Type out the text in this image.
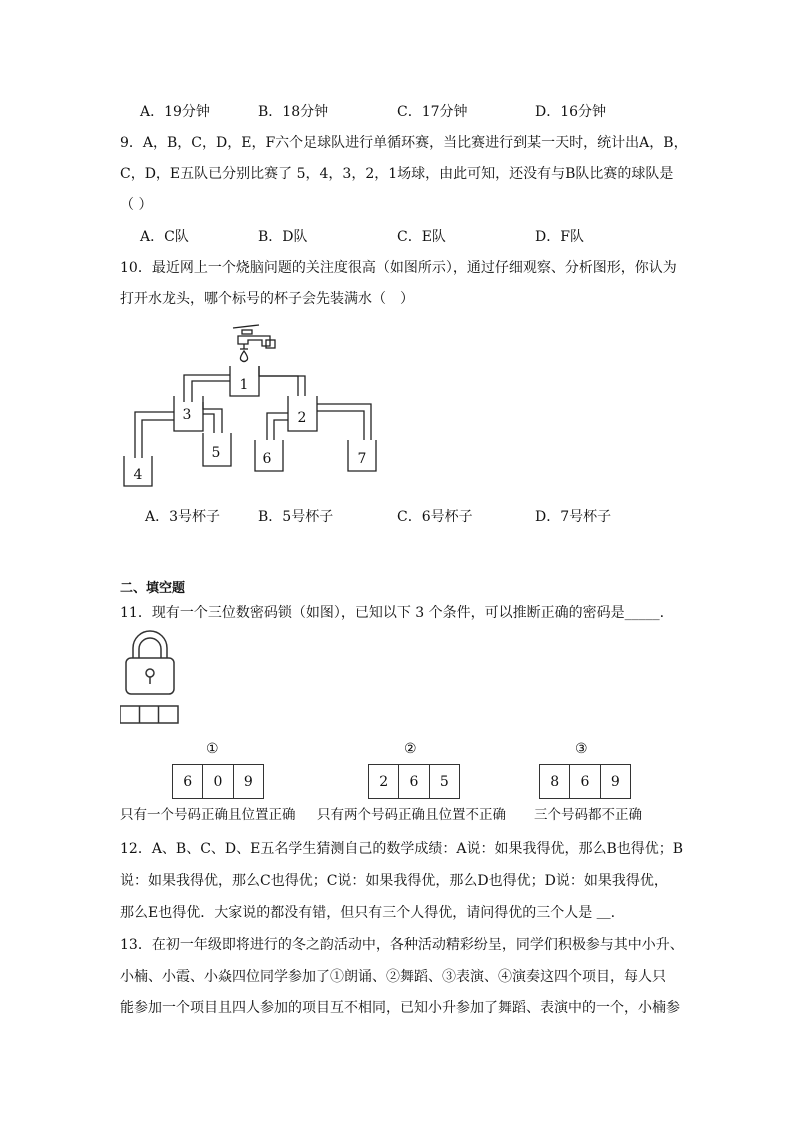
A．19分钟	B．18分钟	C．17分钟	D．16分钟
9．A，B，C，D，E，F六个足球队进行单循环赛，当比赛进行到某一天时，统计出A，B，
C，D，E五队已分别比赛了 5，4，3，2，1场球，由此可知，还没有与B队比赛的球队是
（ ）
A．C队	B．D队	C．E队	D．F队
10．最近网上一个烧脑问题的关注度很高（如图所示），通过仔细观察、分析图形，你认为
打开水龙头，哪个标号的杯子会先装满水（　）
1
2
3
4
5	6	7
A．3号杯子	B．5号杯子	C．6号杯子	D．7号杯子
二、填空题
11．现有一个三位数密码锁（如图），已知以下 3 个条件，可以推断正确的密码是_____.
①
6	0	9
②
2	6	5
③
8	6	9
只有一个号码正确且位置正确 只有两个号码正确且位置不正确 三个号码都不正确
12．A、B、C、D、E五名学生猜测自己的数学成绩：A说：如果我得优，那么B也得优；B
说：如果我得优，那么C也得优；C说：如果我得优，那么D也得优；D说：如果我得优，
那么E也得优．大家说的都没有错，但只有三个人得优，请问得优的三个人是 ＿.
13．在初一年级即将进行的冬之韵活动中，各种活动精彩纷呈，同学们积极参与其中小升、
小楠、小霞、小焱四位同学参加了①朗诵、②舞蹈、③表演、④演奏这四个项目，每人只
能参加一个项目且四人参加的项目互不相同，已知小升参加了舞蹈、表演中的一个，小楠参
